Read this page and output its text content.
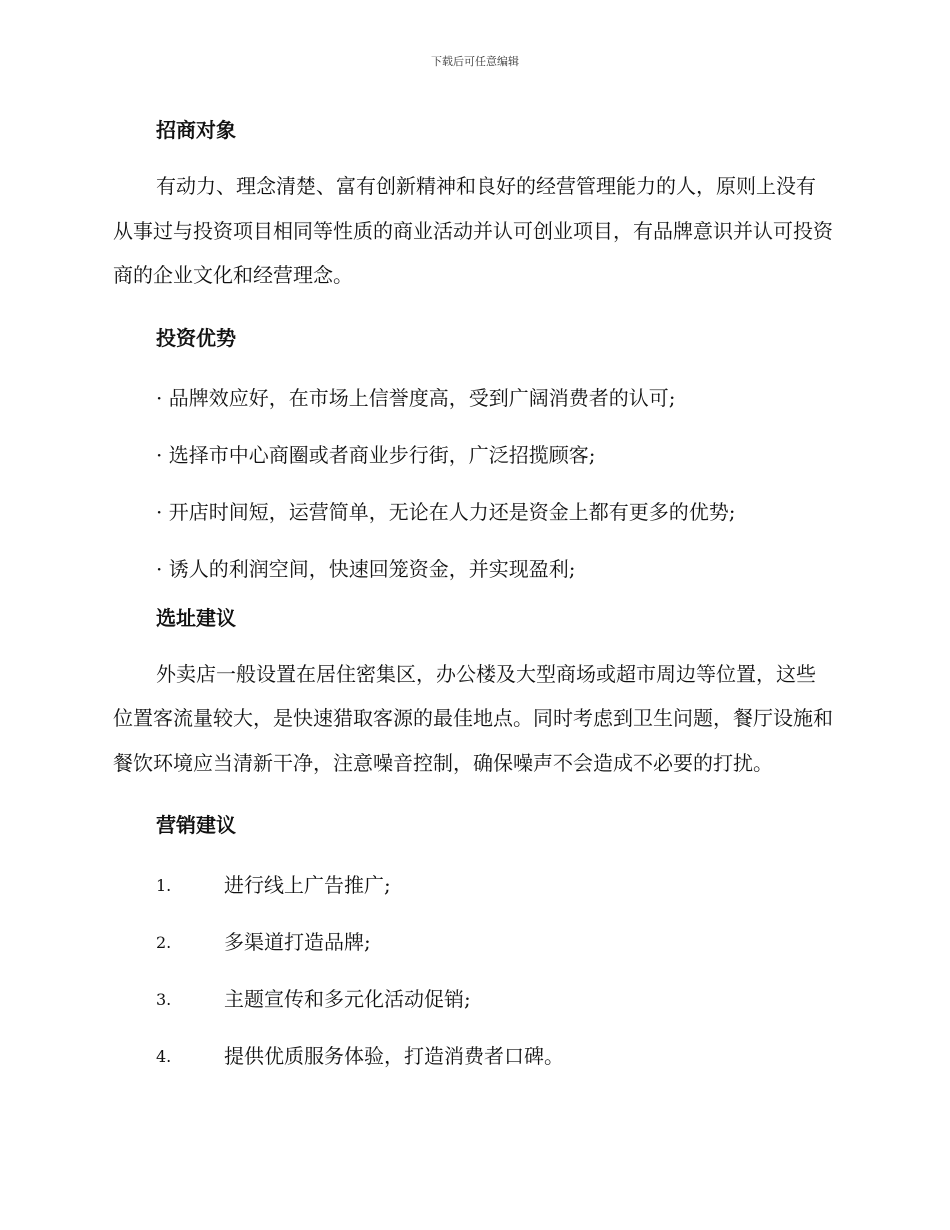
下载后可任意编辑
招商对象

有动力、理念清楚、富有创新精神和良好的经营管理能力的人，原则上没有从事过与投资项目相同等性质的商业活动并认可创业项目，有品牌意识并认可投资商的企业文化和经营理念。

投资优势
· 品牌效应好，在市场上信誉度高，受到广阔消费者的认可;
· 选择市中心商圈或者商业步行街，广泛招揽顾客;
· 开店时间短，运营简单，无论在人力还是资金上都有更多的优势;
· 诱人的利润空间，快速回笼资金，并实现盈利;
选址建议

外卖店一般设置在居住密集区，办公楼及大型商场或超市周边等位置，这些位置客流量较大，是快速猎取客源的最佳地点。同时考虑到卫生问题，餐厅设施和餐饮环境应当清新干净，注意噪音控制，确保噪声不会造成不必要的打扰。

营销建议
1.	进行线上广告推广;
2.	多渠道打造品牌;
3.	主题宣传和多元化活动促销;
4.	提供优质服务体验，打造消费者口碑。
